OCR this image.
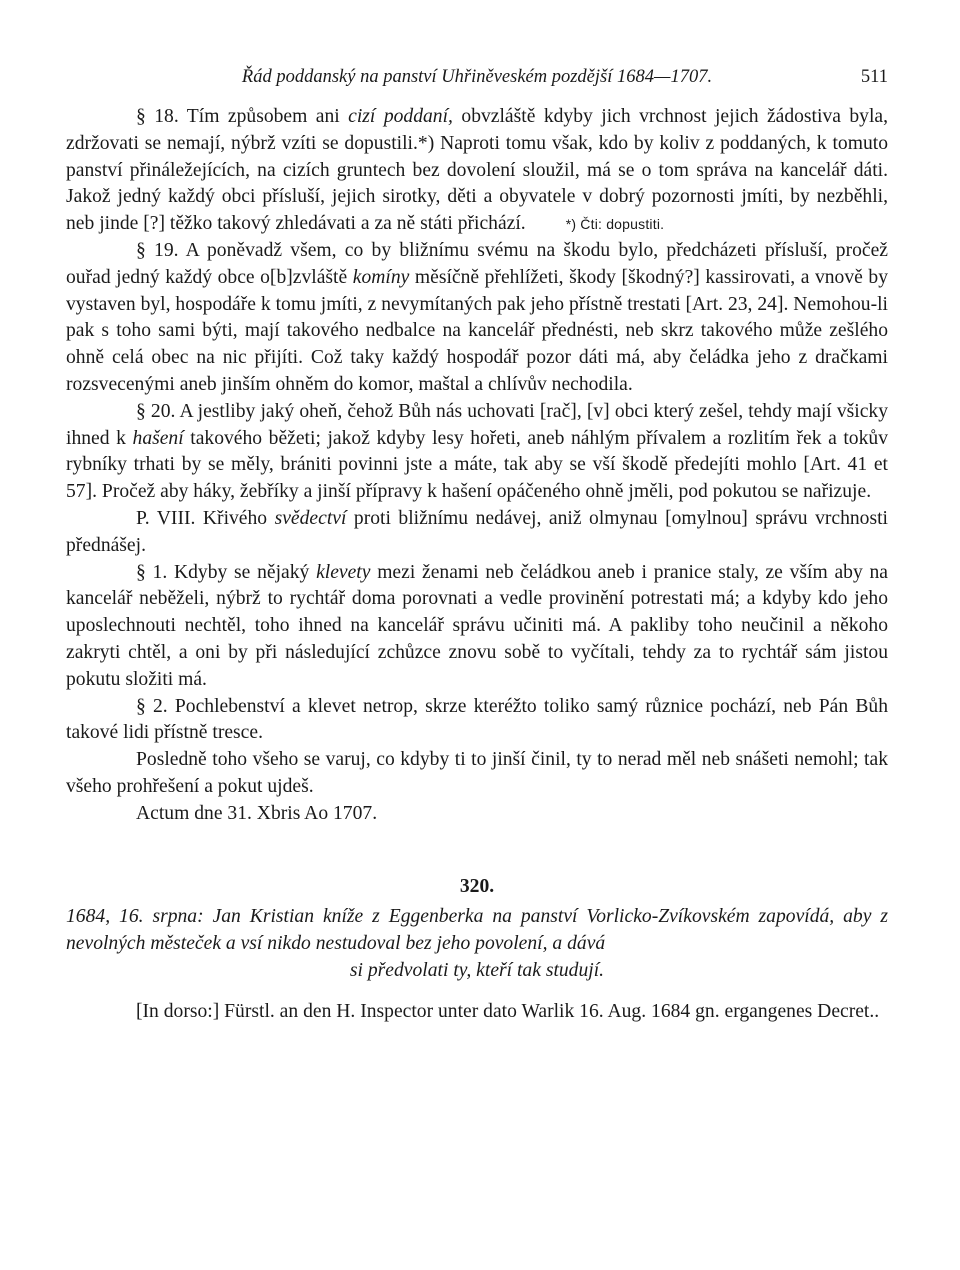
Řád poddanský na panství Uhřiněveském pozdější 1684—1707.	511

§ 18. Tím způsobem ani cizí poddaní, obvzláště kdyby jich vrchnost jejich žádostiva byla, zdržovati se nemají, nýbrž vzíti se dopustili.*) Naproti tomu však, kdo by koliv z poddaných, k tomuto panství přináležejících, na cizích gruntech bez dovolení sloužil, má se o tom správa na kancelář dáti. Jakož jedný každý obci přísluší, jejich sirotky, děti a obyvatele v dobrý pozornosti jmíti, by nezběhli, neb jinde [?] těžko takový zhledávati a za ně státi přichází.	*) Čti: dopustiti.

§ 19. A poněvadž všem, co by bližnímu svému na škodu bylo, předcházeti přísluší, pročež ouřad jedný každý obce o[b]zvláště komíny měsíčně přehlížeti, škody [škodný?] kassirovati, a vnově by vystaven byl, hospodáře k tomu jmíti, z nevymítaných pak jeho přístně trestati [Art. 23, 24]. Nemohou-li pak s toho sami býti, mají takového nedbalce na kancelář přednésti, neb skrz takového může zešlého ohně celá obec na nic přijíti. Což taky každý hospodář pozor dáti má, aby čeládka jeho z dračkami rozsvecenými aneb jinším ohněm do komor, maštal a chlívův nechodila.

§ 20. A jestliby jaký oheň, čehož Bůh nás uchovati [rač], [v] obci který zešel, tehdy mají všicky ihned k hašení takového běžeti; jakož kdyby lesy hořeti, aneb náhlým přívalem a rozlitím řek a tokův rybníky trhati by se měly, brániti povinni jste a máte, tak aby se vší škodě předejíti mohlo [Art. 41 et 57]. Pročež aby háky, žebříky a jinší přípravy k hašení opáčeného ohně jměli, pod pokutou se nařizuje.

P. VIII. Křivého svědectví proti bližnímu nedávej, aniž olmynau [omylnou] správu vrchnosti přednášej.

§ 1. Kdyby se nějaký klevety mezi ženami neb čeládkou aneb i pranice staly, ze vším aby na kancelář neběželi, nýbrž to rychtář doma porovnati a vedle provinění potrestati má; a kdyby kdo jeho uposlechnouti nechtěl, toho ihned na kancelář správu učiniti má. A pakliby toho neučinil a někoho zakryti chtěl, a oni by při následující zchůzce znovu sobě to vyčítali, tehdy za to rychtář sám jistou pokutu složiti má.

§ 2. Pochlebenství a klevet netrop, skrze kteréžto toliko samý různice pochází, neb Pán Bůh takové lidi přístně tresce.

Posledně toho všeho se varuj, co kdyby ti to jinší činil, ty to nerad měl neb snášeti nemohl; tak všeho prohřešení a pokut ujdeš.

Actum dne 31. Xbris Ao 1707.

320.
1684, 16. srpna: Jan Kristian kníže z Eggenberka na panství Vorlicko-Zvíkovském zapovídá, aby z nevolných městeček a vsí nikdo nestudoval bez jeho povolení, a dává
si předvolati ty, kteří tak studují.

[In dorso:] Fürstl. an den H. Inspector unter dato Warlik 16. Aug. 1684 gn. ergangenes Decret..
